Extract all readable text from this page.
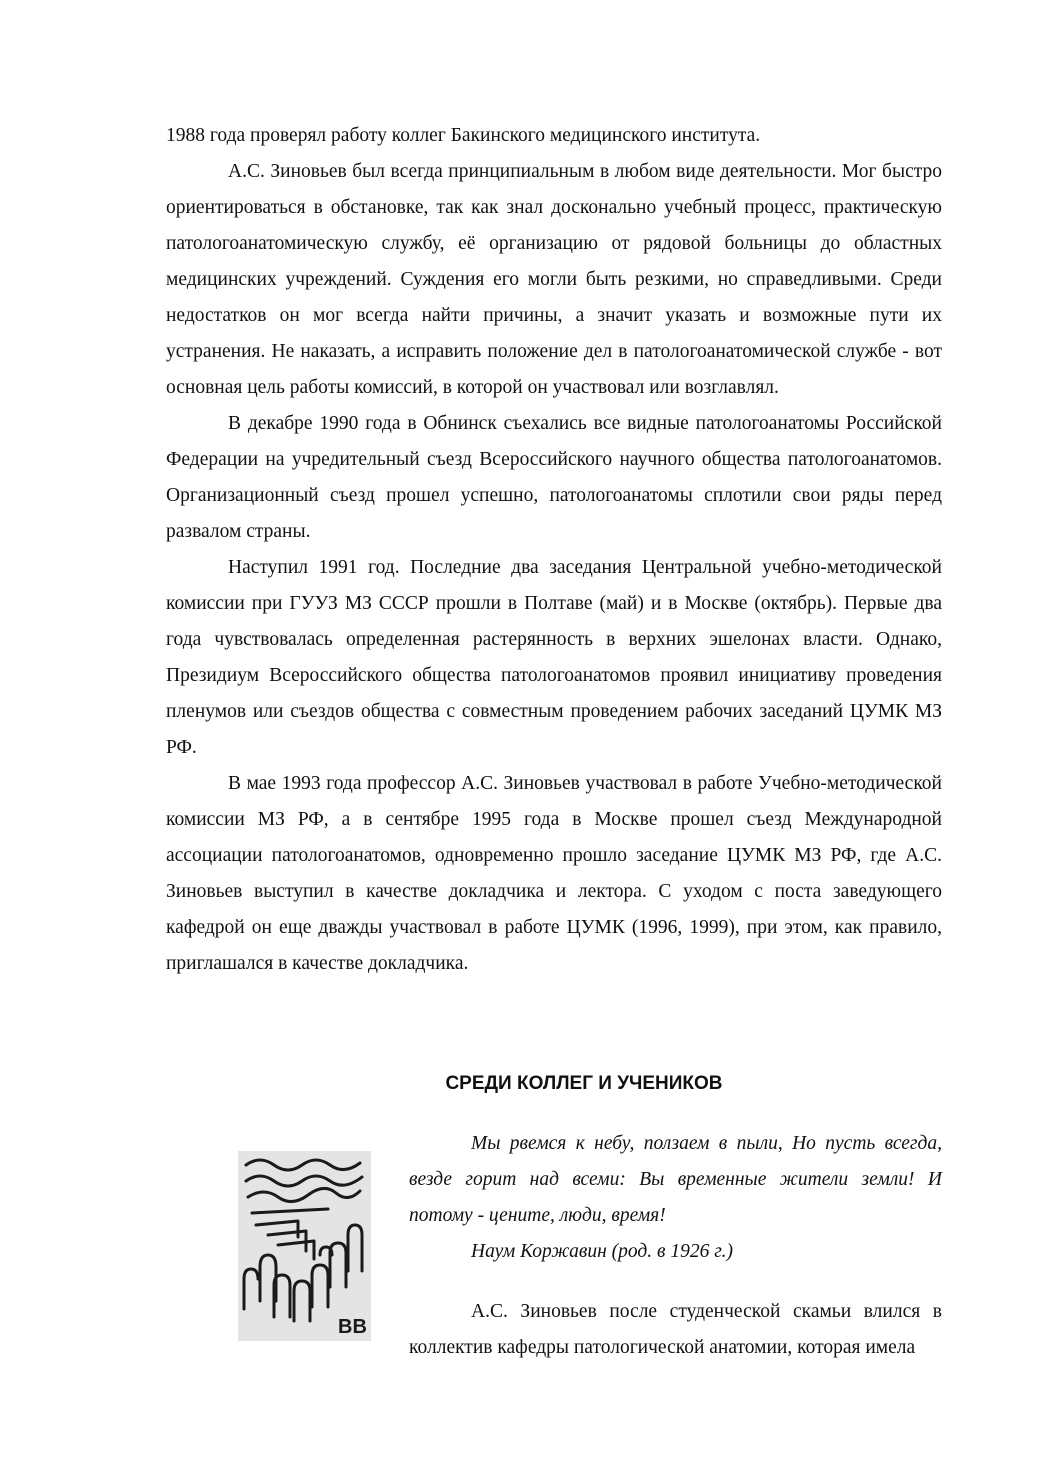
1988 года проверял работу коллег Бакинского медицинского института.

А.С. Зиновьев был всегда принципиальным в любом виде деятельности. Мог быстро ориентироваться в обстановке, так как знал досконально учебный процесс, практическую патологоанатомическую службу, её организацию от рядовой больницы до областных медицинских учреждений. Суждения его могли быть резкими, но справедливыми. Среди недостатков он мог всегда найти причины, а значит указать и возможные пути их устранения. Не наказать, а исправить положение дел в патологоанатомической службе - вот основная цель работы комиссий, в которой он участвовал или возглавлял.

В декабре 1990 года в Обнинск съехались все видные патологоанатомы Российской Федерации на учредительный съезд Всероссийского научного общества патологоанатомов. Организационный съезд прошел успешно, патологоанатомы сплотили свои ряды перед развалом страны.

Наступил 1991 год. Последние два заседания Центральной учебно-методической комиссии при ГУУЗ МЗ СССР прошли в Полтаве (май) и в Москве (октябрь). Первые два года чувствовалась определенная растерянность в верхних эшелонах власти. Однако, Президиум Всероссийского общества патологоанатомов проявил инициативу проведения пленумов или съездов общества с совместным проведением рабочих заседаний ЦУМК МЗ РФ.

В мае 1993 года профессор А.С. Зиновьев участвовал в работе Учебно-методической комиссии МЗ РФ, а в сентябре 1995 года в Москве прошел съезд Международной ассоциации патологоанатомов, одновременно прошло заседание ЦУМК МЗ РФ, где А.С. Зиновьев выступил в качестве докладчика и лектора. С уходом с поста заведующего кафедрой он еще дважды участвовал в работе ЦУМК (1996, 1999), при этом, как правило, приглашался в качестве докладчика.

СРЕДИ КОЛЛЕГ И УЧЕНИКОВ
ВВ

Мы рвемся к небу, ползаем в пыли, Но пусть всегда, везде горит над всеми: Вы временные жители земли! И потому - цените, люди, время!

Наум Коржавин (род. в 1926 г.)

А.С. Зиновьев после студенческой скамьи влился в коллектив кафедры патологической анатомии, которая имела
